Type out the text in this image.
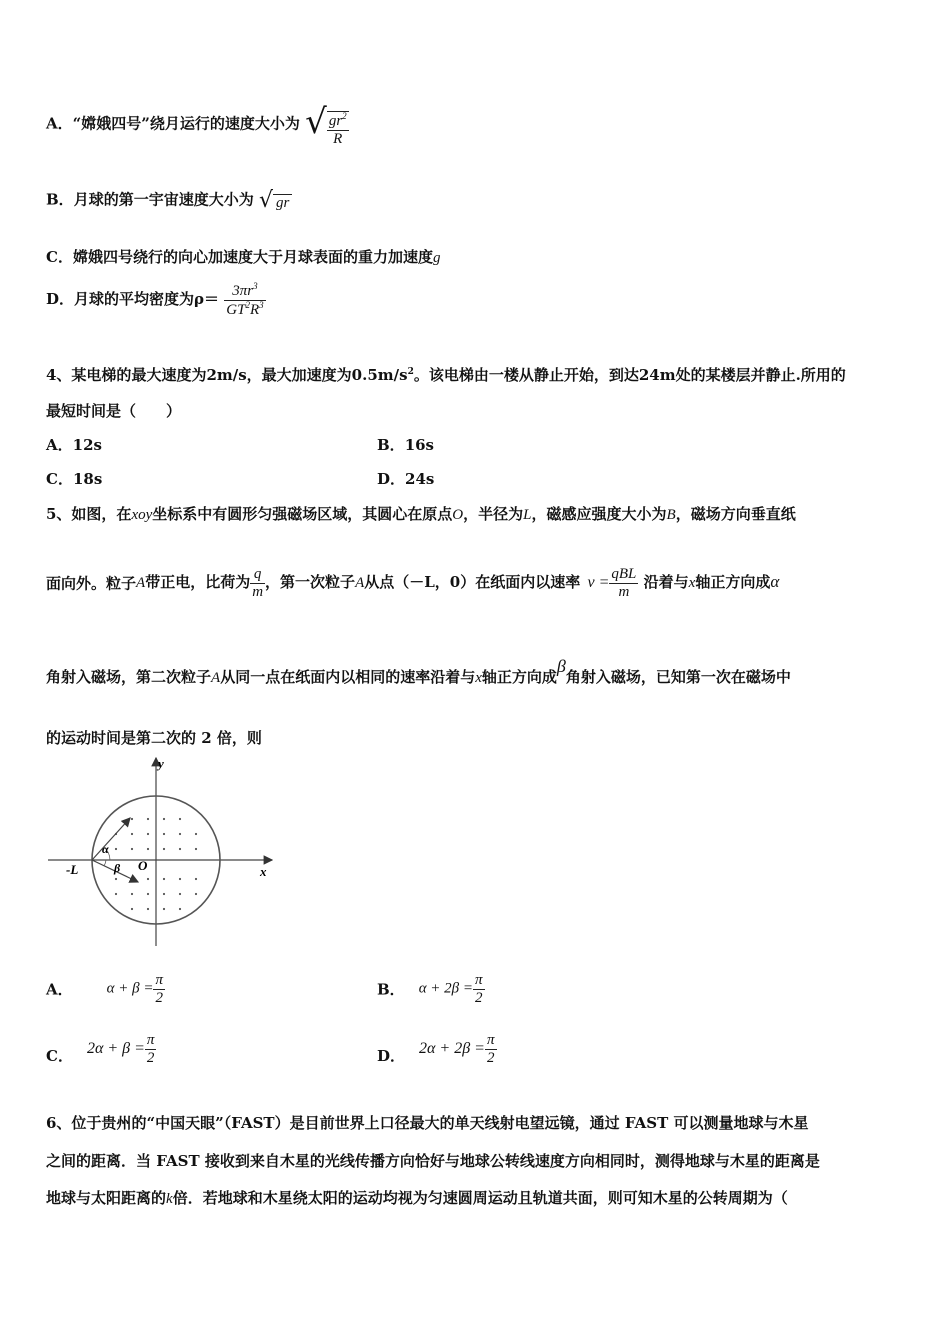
A．“嫦娥四号”绕月运行的速度大小为 √ $\frac{gr^2}{R}$
B．月球的第一宇宙速度大小为 √ gr
C．嫦娥四号绕行的向心加速度大于月球表面的重力加速度g
D．月球的平均密度为$\rho= \frac{3\pi r^3}{GT^2R^3}$
4、某电梯的最大速度为2m/s，最大加速度为$0.5m/s^2$。该电梯由一楼从静止开始，到达24m处的某楼层并静止.所用的
最短时间是（　　）
A．12s	B．16s
C．18s	D．24s
5、如图，在xoy坐标系中有圆形匀强磁场区域，其圆心在原点O，半径为L，磁感应强度大小为B，磁场方向垂直纸
面向外。粒子A带正电，比荷为 $\frac{q}{m}$ ，第一次粒子A从点（－L，0）在纸面内以速率 $v = \frac{\text{qBL}}{m}$ 沿着与x轴正方向成α
角射入磁场，第二次粒子A从同一点在纸面内以相同的速率沿着与x轴正方向成β角射入磁场，已知第一次在磁场中
的运动时间是第二次的 2 倍，则
y
x
-L	O
α
β
A． $\alpha + \beta = \frac{\pi}{2}$	B． $\alpha + 2\beta = \frac{\pi}{2}$
C． $2\alpha + \beta = \frac{\pi}{2}$	D． $2\alpha + 2\beta = \frac{\pi}{2}$
6、位于贵州的“中国天眼”（FAST）是目前世界上口径最大的单天线射电望远镜，通过 FAST 可以测量地球与木星
之间的距离．当 FAST 接收到来自木星的光线传播方向恰好与地球公转线速度方向相同时，测得地球与木星的距离是
地球与太阳距离的k倍．若地球和木星绕太阳的运动均视为匀速圆周运动且轨道共面，则可知木星的公转周期为（
